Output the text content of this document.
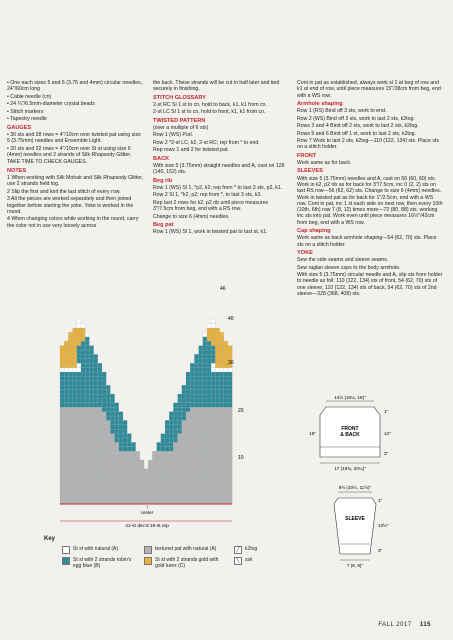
• One each sizes 5 and 6 (3.75 and 4mm) circular needles, 24"/60cm long

• Cable needle (cn)

• 24 ¼"/6.5mm-diameter crystal beads

• Stitch markers

• Tapestry needle

GAUGES

• 30 sts and 28 rows = 4"/10cm over twisted pat using size 5 (3.75mm) needles and Ensemble Light.

• 20 sts and 22 rows = 4"/10cm over St st using size 6 (4mm) needles and 2 strands of Silk Rhapsody Glitter.

TAKE TIME TO CHECK GAUGES.

NOTES

1 When working with Silk Mohair and Silk Rhapsody Glitter, use 2 strands held tog.

2 Slip the first and knit the last stitch of every row.

3 All the pieces are worked separately and then joined together before starting the yoke. Yoke is worked in the round.

4 When changing colors while working in the round, carry the color not in use very loosely across

the back. These strands will be cut in half later and tied securely in finishing.

STITCH GLOSSARY

2-st RC Sl 1 st to cn, hold to back, k1, k1 from cn.

2-st LC Sl 1 st to cn, hold to front, k1, k1 from cn.

TWISTED PATTERN

(over a multiple of 6 sts)

Row 1 (WS) Purl.

Row 2 *2-st LC, k2, 2-st RC; rep from * to end.

Rep rows 1 and 2 for twisted pat.

BACK

With size 5 (3.75mm) straight needles and A, cast on 128 (140, 152) sts.

Beg rib

Row 1 (WS) Sl 1, *p2, k2; rep from * to last 3 sts, p2, k1.

Row 2 Sl 1, *k2, p2; rep from *, to last 3 sts, k3.

Rep last 2 rows for k2, p2 rib until piece measures 3"/7.5cm from beg, end with a RS row.

Change to size 6 (4mm) needles.

Beg pat

Row 1 (WS) Sl 1, work in twisted pat to last st, k1.

Cont in pat as established, always work sl 1 at beg of row and k1 at end of row, until piece measures 15"/38cm from beg, end with a WS row.

Armhole shaping

Row 1 (RS) Bind off 3 sts, work to end.

Row 2 (WS) Bind off 3 sts, work to last 2 sts, k2tog.

Rows 3 and 4 Bind off 2 sts, work to last 2 sts, k2tog.

Rows 5 and 6 Bind off 1 st, work to last 2 sts, k2tog.

Row 7 Work to last 2 sts, k2tog—110 (122, 134) sts. Place sts on a stitch holder.

FRONT

Work same as for back.

SLEEVES

With size 5 (3.75mm) needles and A, cast on 56 (60, 60) sts. Work in k2, p2 rib as for back for 3"/7.5cm, inc 0 (2, 2) sts on last RS row—56 (62, 62) sts. Change to size 6 (4mm) needles. Work in twisted pat as for back for 1"/2.5cm, end with a WS row. Cont in pat, inc 1 st each side on next row, then every 10th (10th, 6th) row 7 (8, 12) times more—72 (80, 88) sts, working inc sts into pat. Work even until piece measures 16½"/42cm from beg, end with a WS row.

Cap shaping

Work same as back armhole shaping—54 (62, 70) sts. Place sts on a stitch holder.

YOKE

Sew the side seams and sleeve seams.

Sew raglan sleeve caps to the body armhole.

With size 5 (3.75mm) circular needle and A, slip sts from holder to needle as foll: 110 (122, 134) sts of front, 54 (62, 70) sts of one sleeve, 110 (122, 134) sts of back, 54 (62, 70) sts of 2nd sleeve—328 (368, 408) sts.

46
40
30
20
10
center
41-st dec'd 19-st rep
↑
Key
St st with natural (A)
St st with 2 strands robin's egg blue (B)
textured pat with natural (A)
St st with 2 strands gold with gold lurex (C)
╱	k2tog
╲	ssk
14½ (16¼, 18)"
FRONT
& BACK
16"	12"
1"
3"
17 (18¾, 20¼)"
9½ (10½, 11½)"
SLEEVE
13½"
1"
3"
7 (8, 8)"
FALL 2017 115
